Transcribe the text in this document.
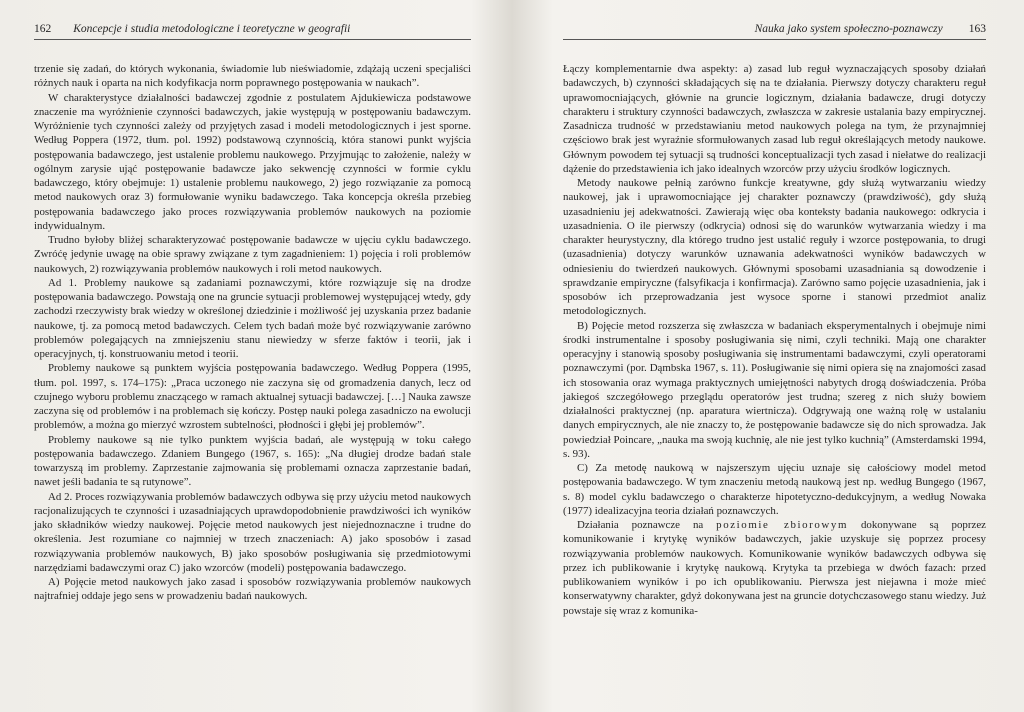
162 Koncepcje i studia metodologiczne i teoretyczne w geografii

trzenie się zadań, do których wykonania, świadomie lub nieświadomie, zdążają uczeni specjaliści różnych nauk i oparta na nich kodyfikacja norm poprawnego postępowania w naukach”.

W charakterystyce działalności badawczej zgodnie z postulatem Ajdukiewicza podstawowe znaczenie ma wyróżnienie czynności badawczych, jakie występują w postępowaniu badawczym. Wyróżnienie tych czynności zależy od przyjętych zasad i modeli metodologicznych i jest sporne. Według Poppera (1972, tłum. pol. 1992) podstawową czynnością, która stanowi punkt wyjścia postępowania badawczego, jest ustalenie problemu naukowego. Przyjmując to założenie, należy w ogólnym zarysie ująć postępowanie badawcze jako sekwencję czynności w formie cyklu badawczego, który obejmuje: 1) ustalenie problemu naukowego, 2) jego rozwiązanie za pomocą metod naukowych oraz 3) formułowanie wyniku badawczego. Taka koncepcja określa przebieg postępowania badawczego jako proces rozwiązywania problemów naukowych na poziomie indywidualnym.

Trudno byłoby bliżej scharakteryzować postępowanie badawcze w ujęciu cyklu badawczego. Zwróćę jedynie uwagę na obie sprawy związane z tym zagadnieniem: 1) pojęcia i roli problemów naukowych, 2) rozwiązywania problemów naukowych i roli metod naukowych.

Ad 1. Problemy naukowe są zadaniami poznawczymi, które rozwiązuje się na drodze postępowania badawczego. Powstają one na gruncie sytuacji problemowej występującej wtedy, gdy zachodzi rzeczywisty brak wiedzy w określonej dziedzinie i możliwość jej uzyskania przez badanie naukowe, tj. za pomocą metod badawczych. Celem tych badań może być rozwiązywanie zarówno problemów polegających na zmniejszeniu stanu niewiedzy w sferze faktów i teorii, jak i operacyjnych, tj. konstruowaniu metod i teorii.

Problemy naukowe są punktem wyjścia postępowania badawczego. Według Poppera (1995, tłum. pol. 1997, s. 174–175): „Praca uczonego nie zaczyna się od gromadzenia danych, lecz od czujnego wyboru problemu znaczącego w ramach aktualnej sytuacji badawczej. […] Nauka zawsze zaczyna się od problemów i na problemach się kończy. Postęp nauki polega zasadniczo na ewolucji problemów, a można go mierzyć wzrostem subtelności, płodności i głębi jej problemów”.

Problemy naukowe są nie tylko punktem wyjścia badań, ale występują w toku całego postępowania badawczego. Zdaniem Bungego (1967, s. 165): „Na długiej drodze badań stale towarzyszą im problemy. Zaprzestanie zajmowania się problemami oznacza zaprzestanie badań, nawet jeśli badania te są rutynowe”.

Ad 2. Proces rozwiązywania problemów badawczych odbywa się przy użyciu metod naukowych racjonalizujących te czynności i uzasadniających uprawdopodobnienie prawdziwości ich wyników jako składników wiedzy naukowej. Pojęcie metod naukowych jest niejednoznaczne i trudne do określenia. Jest rozumiane co najmniej w trzech znaczeniach: A) jako sposobów i zasad rozwiązywania problemów naukowych, B) jako sposobów posługiwania się przedmiotowymi narzędziami badawczymi oraz C) jako wzorców (modeli) postępowania badawczego.

A) Pojęcie metod naukowych jako zasad i sposobów rozwiązywania problemów naukowych najtrafniej oddaje jego sens w prowadzeniu badań naukowych.

Nauka jako system społeczno-poznawczy 163

Łączy komplementarnie dwa aspekty: a) zasad lub reguł wyznaczających sposoby działań badawczych, b) czynności składających się na te działania. Pierwszy dotyczy charakteru reguł uprawomocniających, głównie na gruncie logicznym, działania badawcze, drugi dotyczy charakteru i struktury czynności badawczych, zwłaszcza w zakresie ustalania bazy empirycznej. Zasadnicza trudność w przedstawianiu metod naukowych polega na tym, że przynajmniej częściowo brak jest wyraźnie sformułowanych zasad lub reguł określających metody naukowe. Głównym powodem tej sytuacji są trudności konceptualizacji tych zasad i niełatwe do realizacji dążenie do przedstawienia ich jako idealnych wzorców przy użyciu środków logicznych.

Metody naukowe pełnią zarówno funkcje kreatywne, gdy służą wytwarzaniu wiedzy naukowej, jak i uprawomocniające jej charakter poznawczy (prawdziwość), gdy służą uzasadnieniu jej adekwatności. Zawierają więc oba konteksty badania naukowego: odkrycia i uzasadnienia. O ile pierwszy (odkrycia) odnosi się do warunków wytwarzania wiedzy i ma charakter heurystyczny, dla którego trudno jest ustalić reguły i wzorce postępowania, to drugi (uzasadnienia) dotyczy warunków uznawania adekwatności wyników badawczych w odniesieniu do twierdzeń naukowych. Głównymi sposobami uzasadniania są dowodzenie i sprawdzanie empiryczne (falsyfikacja i konfirmacja). Zarówno samo pojęcie uzasadnienia, jak i sposobów ich przeprowadzania jest wysoce sporne i stanowi przedmiot analiz metodologicznych.

B) Pojęcie metod rozszerza się zwłaszcza w badaniach eksperymentalnych i obejmuje nimi środki instrumentalne i sposoby posługiwania się nimi, czyli techniki. Mają one charakter operacyjny i stanowią sposoby posługiwania się instrumentami badawczymi, czyli operatorami poznawczymi (por. Dąmbska 1967, s. 11). Posługiwanie się nimi opiera się na znajomości zasad ich stosowania oraz wymaga praktycznych umiejętności nabytych drogą doświadczenia. Próba jakiegoś szczegółowego przeglądu operatorów jest trudna; szereg z nich służy bowiem działalności praktycznej (np. aparatura wiertnicza). Odgrywają one ważną rolę w ustalaniu danych empirycznych, ale nie znaczy to, że postępowanie badawcze się do nich sprowadza. Jak powiedział Poincare, „nauka ma swoją kuchnię, ale nie jest tylko kuchnią” (Amsterdamski 1994, s. 93).

C) Za metodę naukową w najszerszym ujęciu uznaje się całościowy model metod postępowania badawczego. W tym znaczeniu metodą naukową jest np. według Bungego (1967, s. 8) model cyklu badawczego o charakterze hipotetyczno-dedukcyjnym, a według Nowaka (1977) idealizacyjna teoria działań poznawczych.

Działania poznawcze na poziomie zbiorowym dokonywane są poprzez komunikowanie i krytykę wyników badawczych, jakie uzyskuje się poprzez procesy rozwiązywania problemów naukowych. Komunikowanie wyników badawczych odbywa się przez ich publikowanie i krytykę naukową. Krytyka ta przebiega w dwóch fazach: przed publikowaniem wyników i po ich opublikowaniu. Pierwsza jest niejawna i może mieć konserwatywny charakter, gdyż dokonywana jest na gruncie dotychczasowego stanu wiedzy. Już powstaje się wraz z komunika-
